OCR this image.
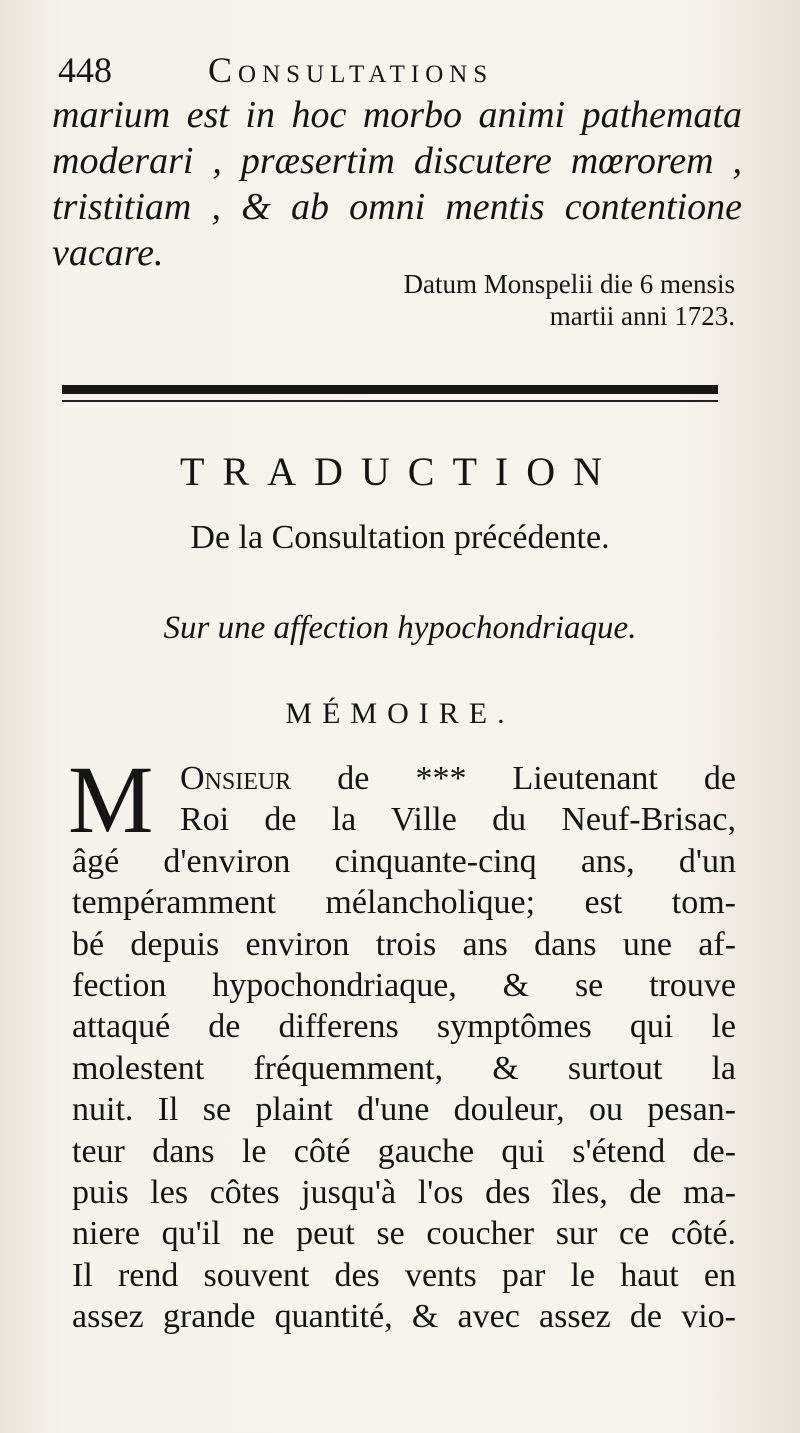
448	Consultations
marium est in hoc morbo animi pathemata
moderari , præsertim discutere mœrorem ,
tristitiam , & ab omni mentis contentione
vacare.
Datum Monspelii die 6 mensis
martii anni 1723.
TRADUCTION
De la Consultation précédente.
Sur une affection hypochondriaque.
MÉMOIRE.
M Onsieur de *** Lieutenant de
Roi de la Ville du Neuf-Brisac,
âgé d'environ cinquante-cinq ans, d'un
tempéramment mélancholique; est tom-
bé depuis environ trois ans dans une af-
fection hypochondriaque, & se trouve
attaqué de differens symptômes qui le
molestent fréquemment, & surtout la
nuit. Il se plaint d'une douleur, ou pesan-
teur dans le côté gauche qui s'étend de-
puis les côtes jusqu'à l'os des îles, de ma-
niere qu'il ne peut se coucher sur ce côté.
Il rend souvent des vents par le haut en
assez grande quantité, & avec assez de vio-
